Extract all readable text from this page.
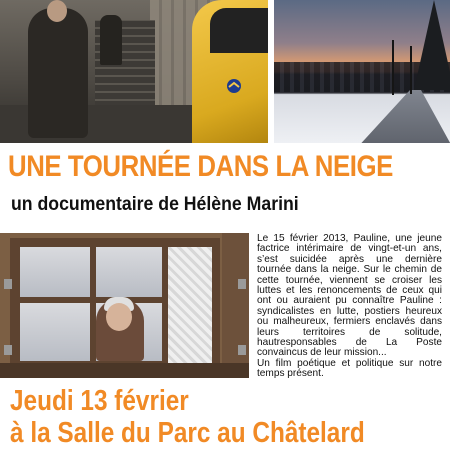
UNE TOURNÉE DANS LA NEIGE
un documentaire de Hélène Marini

Le 15 février 2013, Pauline, une jeune factrice intérimaire de vingt-et-un ans, s’est suicidée après une dernière tournée dans la neige. Sur le chemin de cette tournée, viennent se croiser les luttes et les renoncements de ceux qui ont ou auraient pu connaître Pauline : syndicalistes en lutte, postiers heureux ou malheureux, fermiers enclavés dans leurs territoires de solitude, hautresponsables de La Poste convaincus de leur mission...

Un film poétique et politique sur notre temps présent.

Jeudi 13 février
à la Salle du Parc au Châtelard
